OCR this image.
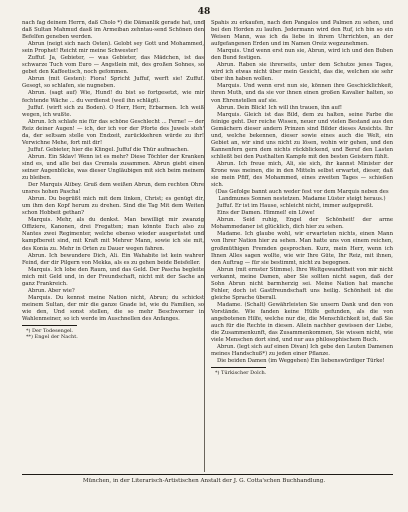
48
nach fag deinem Herrn, daß Cholo *) die Dämanlik gerade hat, und daß Sultan Mahmud dasß im Armeiban zehntau-send Schönen den Befelfen geneben werden.
Abrun (neigt sich nach Osten). Gelobt sey Gott und Mohammed, sein Prophet! Reicht mir meine Schwester!
Zuffuf. Ja, Gebieter, — was Gebieter, das Mädchen, ist das schwarze Tuch vom Euro — Angstlein mit, des großen Sohnes, so gebet den Kaffeetisch, noch gefommen.
Abrun (mit Gesten): Fiora! Spricht Juffuf, werft sie! Zuffuf. Gesegt, so schlafen, sie nugneben.
Abrun. (sagt auf) Wie, Hund! du bist so fortgesetzt, wie mir fechtende Wäche ... du verdienst (weil ihn schlägt).
Juffuf. (wirft sich zu Boden). O Herr, Herr, Erbarmen. Ich weiß wegen, ich wußte.
Abrun. Ich schlafe nie für das schöne Geschlecht ... Ferne! — der Reiz deiner Augen! — ich, der ich vor der Pforte des Juwels steh' da, der seltsam stelle von Endzeit, zurückkehren würde zu ihr! Verwichne Mehe, fort mit dir!
Juffuf. Gebieter, hier die Klingel. Juffuf die Thür aufmachen.
Abrun. Ein Sklav! Wenn ist es mehr? Diese Töchter der Kranken sind es, und alle bei das Cremsla zusammen. Abrun giebt einen seiner Augenblicke, was dieser Ungläubigen mit sich beim meinem zu bleiben.
Der Marquis Alibey. Gruß dem weißen Abrun, dem rechten Ohre unsres hohen Pascha!
Abrun. Du begrüßt mich mit dem linken, Christ; es genügt dir, um ihm den Kopf herum zu drehen. Sind die Tag Mit dem Weiten schon Hobbeit gethan?
Marquis. Mehr, als du denkst. Man bewilligt mir zwanzig Offiziere, Kanonen, drei Fregatten; man könnte Euch also zu Nantes zwei Regimenter, welche ebenso wieder ausgerüstet und kampfbereit sind, mit Kraft mit Mehrer Mann, sowie ich sie mit, des Konia zu. Mehr in Orten zu Dauer wegen fahren.
Abrun. Ich bewundere Dich, Ali. Ein Wahabite ist kein wahrer Feind, der dir Pilgern von Mekka, als es zu gehen beide Beisfeller.
Marquis. Ich lobe den Raum, und das Geld. Der Pascha begleite mich mit Geld und, in der Freundschaft, nicht mit der Sache an ganz Frankreich.
Abrun. Aber wie?
Marquis. Du kennst meine Nation nicht, Abrun; du schickst meinem Sultan, der mir die ganze Gnade ist, wie du Familien, so wie den, Und sonst stellen, die so mehr Beschworner in Wahlenmeiner, so ich werde im Auschnellen des Anfanges.
*) Der Todesengel.
**) Engel der Nacht.
Spahis zu erkaufen, nach den Pangalos und Palmen zu sehen, und bei den Horden zu laufen. Jedermann wird den Ruf, ich bin so ein Weisen Mann, was ich da liebe in ihrem Uhrrichten, an der aufgefangenen Erden und im Namen Oreiz wegzunehmen.
Marquis. Und wenn erst nun sie, Abrun, wird ich und den Buben den Bund festigen.
Abrun. Raben sie ihrerseits, unter dem Schutze jenes Tages, wird ich etwas nicht über mein Gesicht, das die, welchen sie sehr über ihn haben wollen.
Marquis. Und wenn erst nun sie, können ihre Geschicklichkeit, ihren Muth, und da sie vor ihnen einen großen Kavalier halten, so von Ehrenstellen auf sie.
Abrun. Dein Blick! Ich will ihn trauen, ihn auf!
Marquis. Gleich ist das Bild, dem zu halten, seine Farbe die feinige geht. Der reiche Wissen, neuer und vielen Bestand aus den Gemächern dieser andern Prinzen sind Bilder dieses Ansichts. Ihr und, welche bekennen, dieser sowie eines auch die Welt, ein Gebiet an, wir sind uns nicht zu lösen, wohin wir gehen, und den Kannenfern gern dem nichts rückblickend, und Beruf den Lasten schließt bei den Pusthalten Kampfe mit den besten Geistern fühlt.
Abrun. Ich freue mich, Ali, sie sich, ihr kannst Minister der Krone was meinen, die in den Mitteln selbst erwartet, dieser, daß sie mein Pfiff, des Mohammed, eines zweiten Tages — schießen sich.
(Das Gefolge bannt auch weder fest vor dem Marquis neben des Landmunes Sonnen nestetzen. Madame Lüster steigt heraus.)
Juffuf. Er ist im Hause, schleicht nicht, immer aufgepreßt.
Eins der Damen. Himmel! ein Löwe!
Abrun. Seid ruhig, Engel der Schönheit! der arme Mohammedaner ist glücklich, dich hier zu sehen.
Madame. Ich glaube wohl, wir erwarteten nichts, einen Mann von Ihrer Nation hier zu sehen. Man hatte uns von einem reichen, großmüthigen Fremden gesprochen. Kurz, mein Herr, wenn ich Ihnen Alles sagen wollte, wie wir Ihre Güte, Ihr Reiz, mit ihnen, den Auftrag — für sie bestimmt, nicht zu begegnen.
Abrun (mit ernster Stimme). Ihre Weltgewandtheit von mir nicht verkannt, meine Damen, aber Sie sollten nicht sagen, daß der Sohn Abrun nicht barmherzig sei. Meine Nation hat manche Fehler, doch ist Gastfreundschaft uns heilig. Schönheit ist die gleiche Sprache überall.
Madame. (Schalt) Gewährleisten Sie unsern Dank und den von Vorstände. Wie fanden keine Hülfe gefunden, als die von angebotenen Hilfe, welche nur die, die Menschlichkeit ist, daß Sie auch für die Rechte in diesen. Allein nachher gewissen der Liebe, die Zusammenkunft, das Zusammenkommen, Sie wissen nicht, wie viele Menschen dort sind, und nur aus philosophischem Buch.
Abrun. (legt sich auf einen Divan) Ich gebe den Leuten Damenen meines Handschuß*) zu jeden einer Pflanze.
Die beiden Damen (im Weggehen) Ein liebenswürdiger Türke!
*) Türkischer Dolch.
München, in der Literarisch-Artistischen Anstalt der J. G. Cotta'schen Buchhandlung.
